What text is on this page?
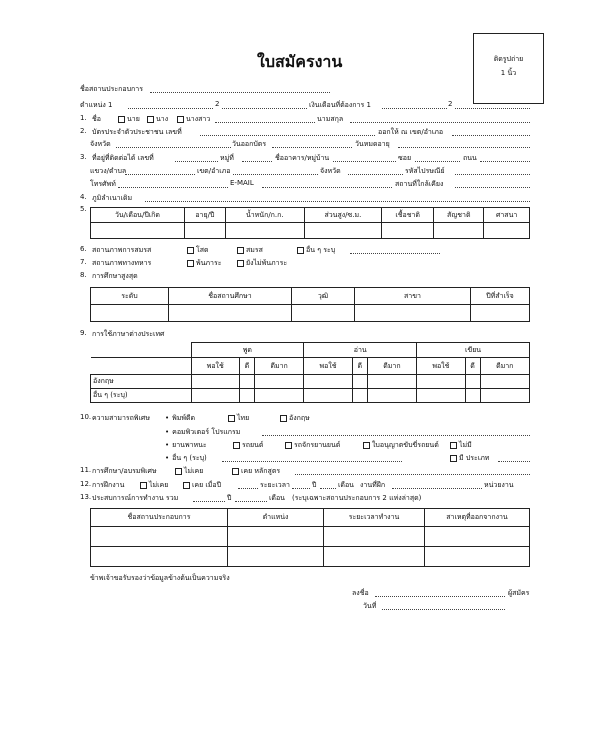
ใบสมัครงาน	ติดรูปถ่าย
1 นิ้ว
ชื่อสถานประกอบการ
ตำแหน่ง 1	2	เงินเดือนที่ต้องการ 1	2
1. ชื่อ	นาย	นาง	นางสาว	นามสกุล
2. บัตรประจำตัวประชาชน เลขที่	ออกให้ ณ เขต/อำเภอ
จังหวัด	วันออกบัตร	วันหมดอายุ
3. ที่อยู่ที่ติดต่อได้ เลขที่	หมู่ที่	ชื่ออาคาร/หมู่บ้าน	ซอย	ถนน
แขวง/ตำบล	เขต/อำเภอ	จังหวัด	รหัสไปรษณีย์
โทรศัพท์	E-MAIL	สถานที่ใกล้เคียง
4. ภูมิลำเนาเดิม
5.
วัน/เดือน/ปีเกิด	อายุ/ปี	น้ำหนัก/ก.ก.	ส่วนสูง/ซ.ม.	เชื้อชาติ	สัญชาติ	ศาสนา

6. สถานภาพการสมรส	โสด	สมรส	อื่น ๆ ระบุ
7. สถานภาพทางทหาร	พ้นภาระ	ยังไม่พ้นภาระ
8. การศึกษาสูงสุด
ระดับ	ชื่อสถานศึกษา	วุฒิ	สาขา	ปีที่สำเร็จ

9. การใช้ภาษาต่างประเทศ
	พูด			อ่าน			เขียน		
	พอใช้	ดี	ดีมาก	พอใช้	ดี	ดีมาก	พอใช้	ดี	ดีมาก
อังกฤษ									
อื่น ๆ (ระบุ)									
10. ความสามารถพิเศษ	• พิมพ์ดีด	ไทย	อังกฤษ
• คอมพิวเตอร์ โปรแกรม
• ยานพาหนะ	รถยนต์	รถจักรยานยนต์	ใบอนุญาตขับขี่รถยนต์	ไม่มี
• อื่น ๆ (ระบุ)	มี ประเภท
11. การศึกษา/อบรมพิเศษ	ไม่เคย	เคย หลักสูตร
12. การฝึกงาน	ไม่เคย	เคย เมื่อปี	ระยะเวลา	ปี	เดือน งานที่ฝึก	หน่วยงาน
13. ประสบการณ์การทำงาน รวม	ปี	เดือน (ระบุเฉพาะสถานประกอบการ 2 แห่งล่าสุด)
ชื่อสถานประกอบการ	ตำแหน่ง	ระยะเวลาทำงาน	สาเหตุที่ออกจากงาน

ข้าพเจ้าขอรับรองว่าข้อมูลข้างต้นเป็นความจริง
ลงชื่อ	ผู้สมัคร
วันที่
